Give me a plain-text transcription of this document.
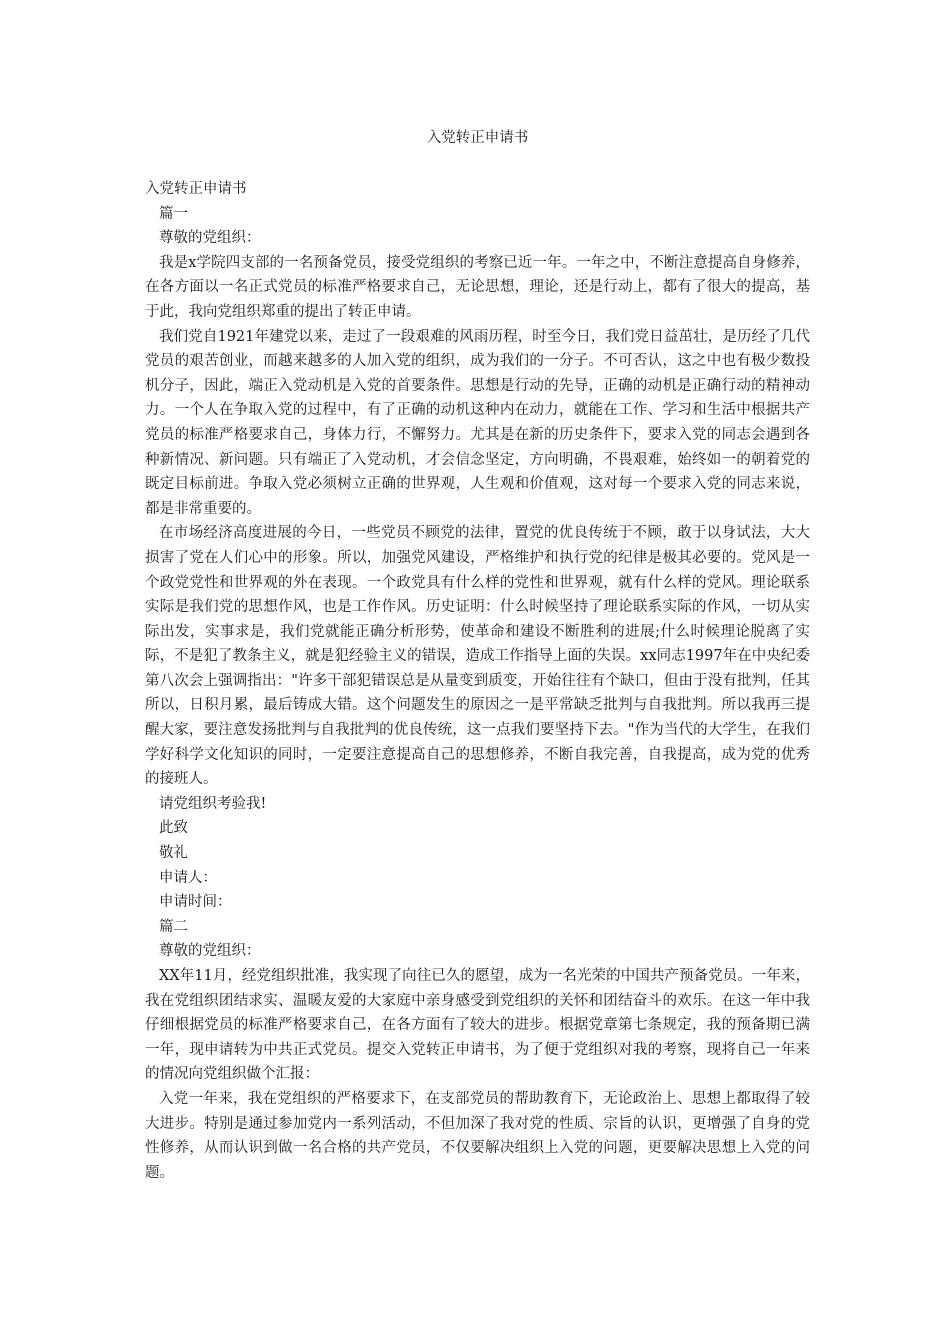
入党转正申请书

入党转正申请书

篇一

尊敬的党组织：

我是x学院四支部的一名预备党员，接受党组织的考察已近一年。一年之中，不断注意提高自身修养，在各方面以一名正式党员的标准严格要求自己，无论思想，理论，还是行动上，都有了很大的提高，基于此，我向党组织郑重的提出了转正申请。

我们党自1921年建党以来，走过了一段艰难的风雨历程，时至今日，我们党日益茁壮，是历经了几代党员的艰苦创业，而越来越多的人加入党的组织，成为我们的一分子。不可否认，这之中也有极少数投机分子，因此，端正入党动机是入党的首要条件。思想是行动的先导，正确的动机是正确行动的精神动力。一个人在争取入党的过程中，有了正确的动机这种内在动力，就能在工作、学习和生活中根据共产党员的标准严格要求自己，身体力行，不懈努力。尤其是在新的历史条件下，要求入党的同志会遇到各种新情况、新问题。只有端正了入党动机，才会信念坚定，方向明确，不畏艰难，始终如一的朝着党的既定目标前进。争取入党必须树立正确的世界观，人生观和价值观，这对每一个要求入党的同志来说，都是非常重要的。

在市场经济高度进展的今日，一些党员不顾党的法律，置党的优良传统于不顾，敢于以身试法，大大损害了党在人们心中的形象。所以，加强党风建设，严格维护和执行党的纪律是极其必要的。党风是一个政党党性和世界观的外在表现。一个政党具有什么样的党性和世界观，就有什么样的党风。理论联系实际是我们党的思想作风，也是工作作风。历史证明：什么时候坚持了理论联系实际的作风，一切从实际出发，实事求是，我们党就能正确分析形势，使革命和建设不断胜利的进展;什么时候理论脱离了实际，不是犯了教条主义，就是犯经验主义的错误，造成工作指导上面的失误。xx同志1997年在中央纪委第八次会上强调指出："许多干部犯错误总是从量变到质变，开始往往有个缺口，但由于没有批判，任其所以，日积月累，最后铸成大错。这个问题发生的原因之一是平常缺乏批判与自我批判。所以我再三提醒大家，要注意发扬批判与自我批判的优良传统，这一点我们要坚持下去。"作为当代的大学生，在我们学好科学文化知识的同时，一定要注意提高自己的思想修养，不断自我完善，自我提高，成为党的优秀的接班人。

请党组织考验我!

此致

敬礼

申请人：

申请时间：

篇二

尊敬的党组织：

XX年11月，经党组织批准，我实现了向往已久的愿望，成为一名光荣的中国共产预备党员。一年来，我在党组织团结求实、温暖友爱的大家庭中亲身感受到党组织的关怀和团结奋斗的欢乐。在这一年中我仔细根据党员的标准严格要求自己，在各方面有了较大的进步。根据党章第七条规定，我的预备期已满一年，现申请转为中共正式党员。提交入党转正申请书，为了便于党组织对我的考察，现将自己一年来的情况向党组织做个汇报：

入党一年来，我在党组织的严格要求下，在支部党员的帮助教育下，无论政治上、思想上都取得了较大进步。特别是通过参加党内一系列活动，不但加深了我对党的性质、宗旨的认识，更增强了自身的党性修养，从而认识到做一名合格的共产党员，不仅要解决组织上入党的问题，更要解决思想上入党的问题。
